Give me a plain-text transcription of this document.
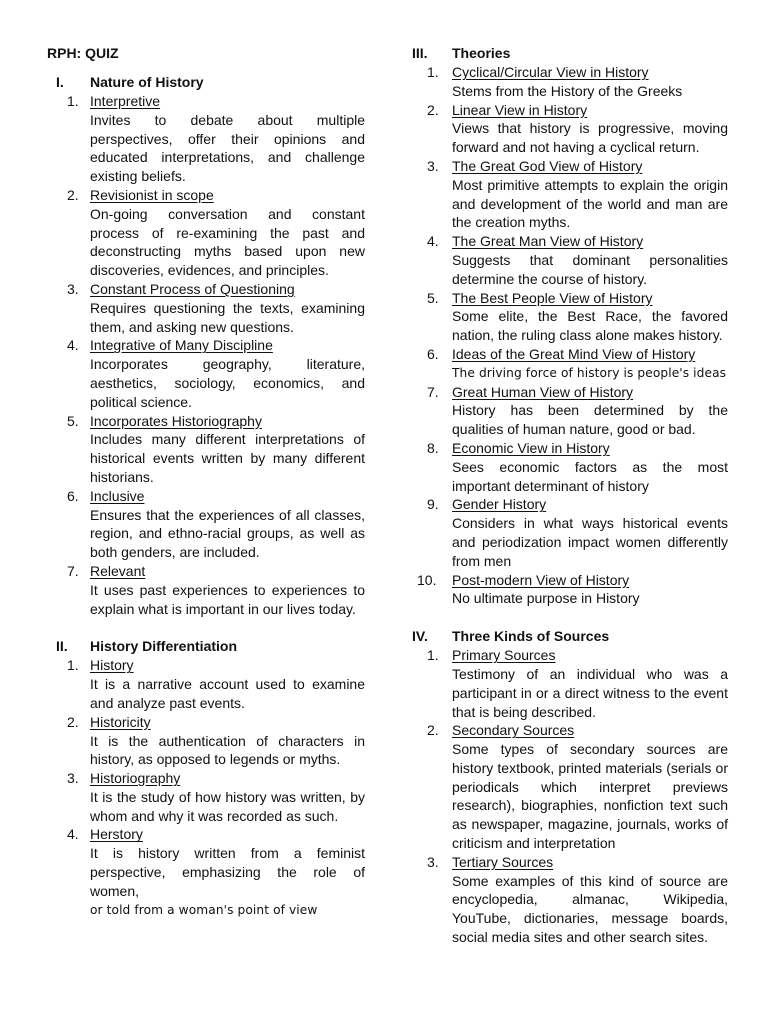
RPH: QUIZ
I.	Nature of History
1. Interpretive

Invites to debate about multiple perspectives, offer their opinions and educated interpretations, and challenge existing beliefs.

2. Revisionist in scope

On-going conversation and constant process of re-examining the past and deconstructing myths based upon new discoveries, evidences, and principles.

3. Constant Process of Questioning

Requires questioning the texts, examining them, and asking new questions.

4. Integrative of Many Discipline

Incorporates geography, literature, aesthetics, sociology, economics, and political science.

5. Incorporates Historiography

Includes many different interpretations of historical events written by many different historians.

6. Inclusive

Ensures that the experiences of all classes, region, and ethno-racial groups, as well as both genders, are included.

7. Relevant

It uses past experiences to experiences to explain what is important in our lives today.

II.	History Differentiation
1. History

It is a narrative account used to examine and analyze past events.

2. Historicity

It is the authentication of characters in history, as opposed to legends or myths.

3. Historiography

It is the study of how history was written, by whom and why it was recorded as such.

4. Herstory

It is history written from a feminist perspective, emphasizing the role of women,

or told from a woman's point of view

III.	Theories
1. Cyclical/Circular View in History

Stems from the History of the Greeks

2. Linear View in History

Views that history is progressive, moving forward and not having a cyclical return.

3. The Great God View of History

Most primitive attempts to explain the origin and development of the world and man are the creation myths.

4. The Great Man View of History

Suggests that dominant personalities determine the course of history.

5. The Best People View of History

Some elite, the Best Race, the favored nation, the ruling class alone makes history.

6. Ideas of the Great Mind View of History

The driving force of history is people's ideas

7. Great Human View of History

History has been determined by the qualities of human nature, good or bad.

8. Economic View in History

Sees economic factors as the most important determinant of history

9. Gender History

Considers in what ways historical events and periodization impact women differently from men

10. Post-modern View of History

No ultimate purpose in History

IV.	Three Kinds of Sources
1. Primary Sources

Testimony of an individual who was a participant in or a direct witness to the event that is being described.

2. Secondary Sources

Some types of secondary sources are history textbook, printed materials (serials or periodicals which interpret previews research), biographies, nonfiction text such as newspaper, magazine, journals, works of criticism and interpretation

3. Tertiary Sources

Some examples of this kind of source are encyclopedia, almanac, Wikipedia, YouTube, dictionaries, message boards, social media sites and other search sites.
